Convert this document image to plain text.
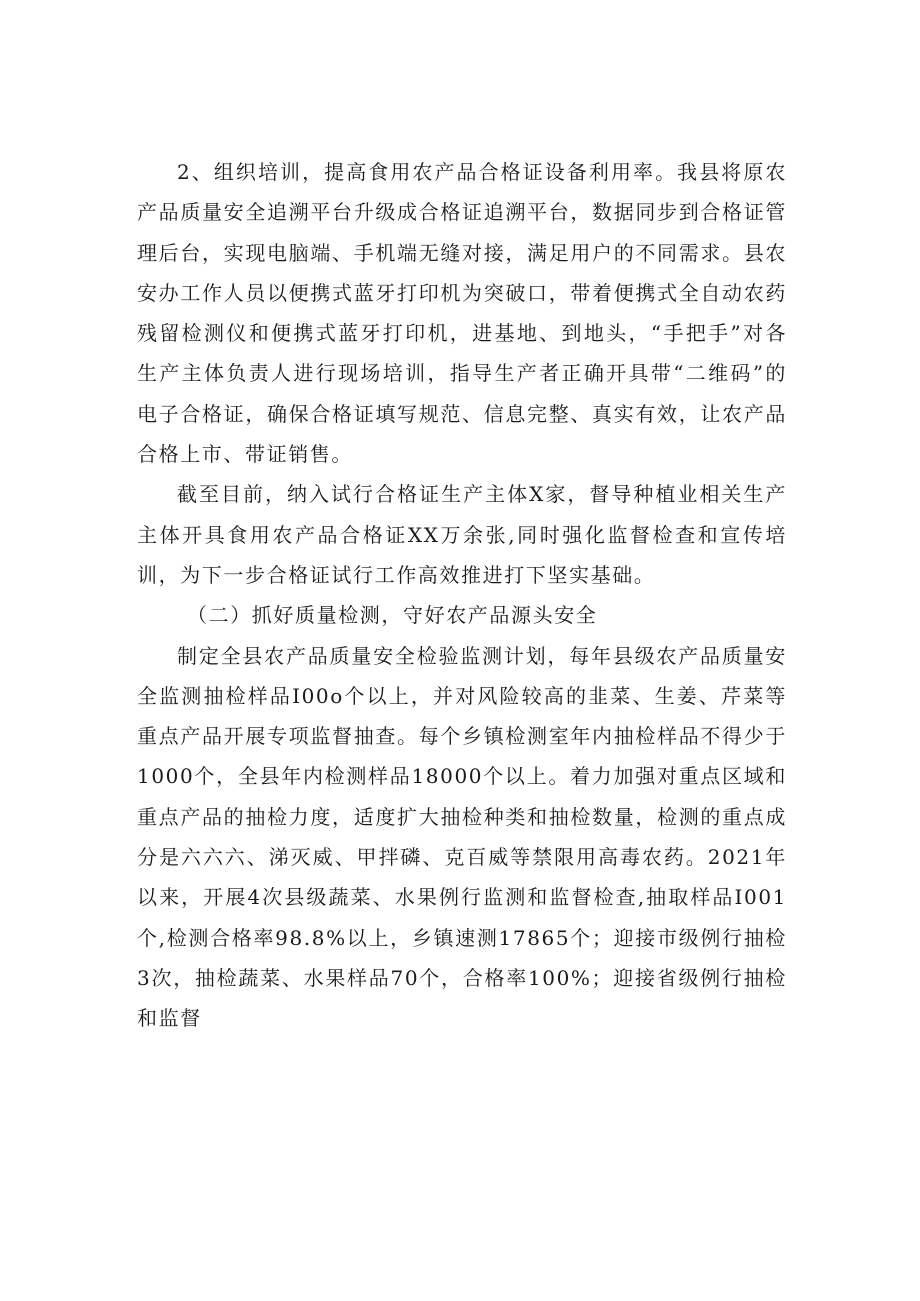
2、组织培训，提高食用农产品合格证设备利用率。我县将原农产品质量安全追溯平台升级成合格证追溯平台，数据同步到合格证管理后台，实现电脑端、手机端无缝对接，满足用户的不同需求。县农安办工作人员以便携式蓝牙打印机为突破口，带着便携式全自动农药残留检测仪和便携式蓝牙打印机，进基地、到地头，“手把手”对各生产主体负责人进行现场培训，指导生产者正确开具带“二维码”的电子合格证，确保合格证填写规范、信息完整、真实有效，让农产品合格上市、带证销售。

截至目前，纳入试行合格证生产主体X家，督导种植业相关生产主体开具食用农产品合格证XX万余张,同时强化监督检查和宣传培训，为下一步合格证试行工作高效推进打下坚实基础。

（二）抓好质量检测，守好农产品源头安全

制定全县农产品质量安全检验监测计划，每年县级农产品质量安全监测抽检样品I00o个以上，并对风险较高的韭菜、生姜、芹菜等重点产品开展专项监督抽查。每个乡镇检测室年内抽检样品不得少于1000个，全县年内检测样品18000个以上。着力加强对重点区域和重点产品的抽检力度，适度扩大抽检种类和抽检数量，检测的重点成分是六六六、涕灭威、甲拌磷、克百威等禁限用高毒农药。2021年以来，开展4次县级蔬菜、水果例行监测和监督检查,抽取样品I001个,检测合格率98.8%以上，乡镇速测17865个；迎接市级例行抽检3次，抽检蔬菜、水果样品70个，合格率100%；迎接省级例行抽检和监督
